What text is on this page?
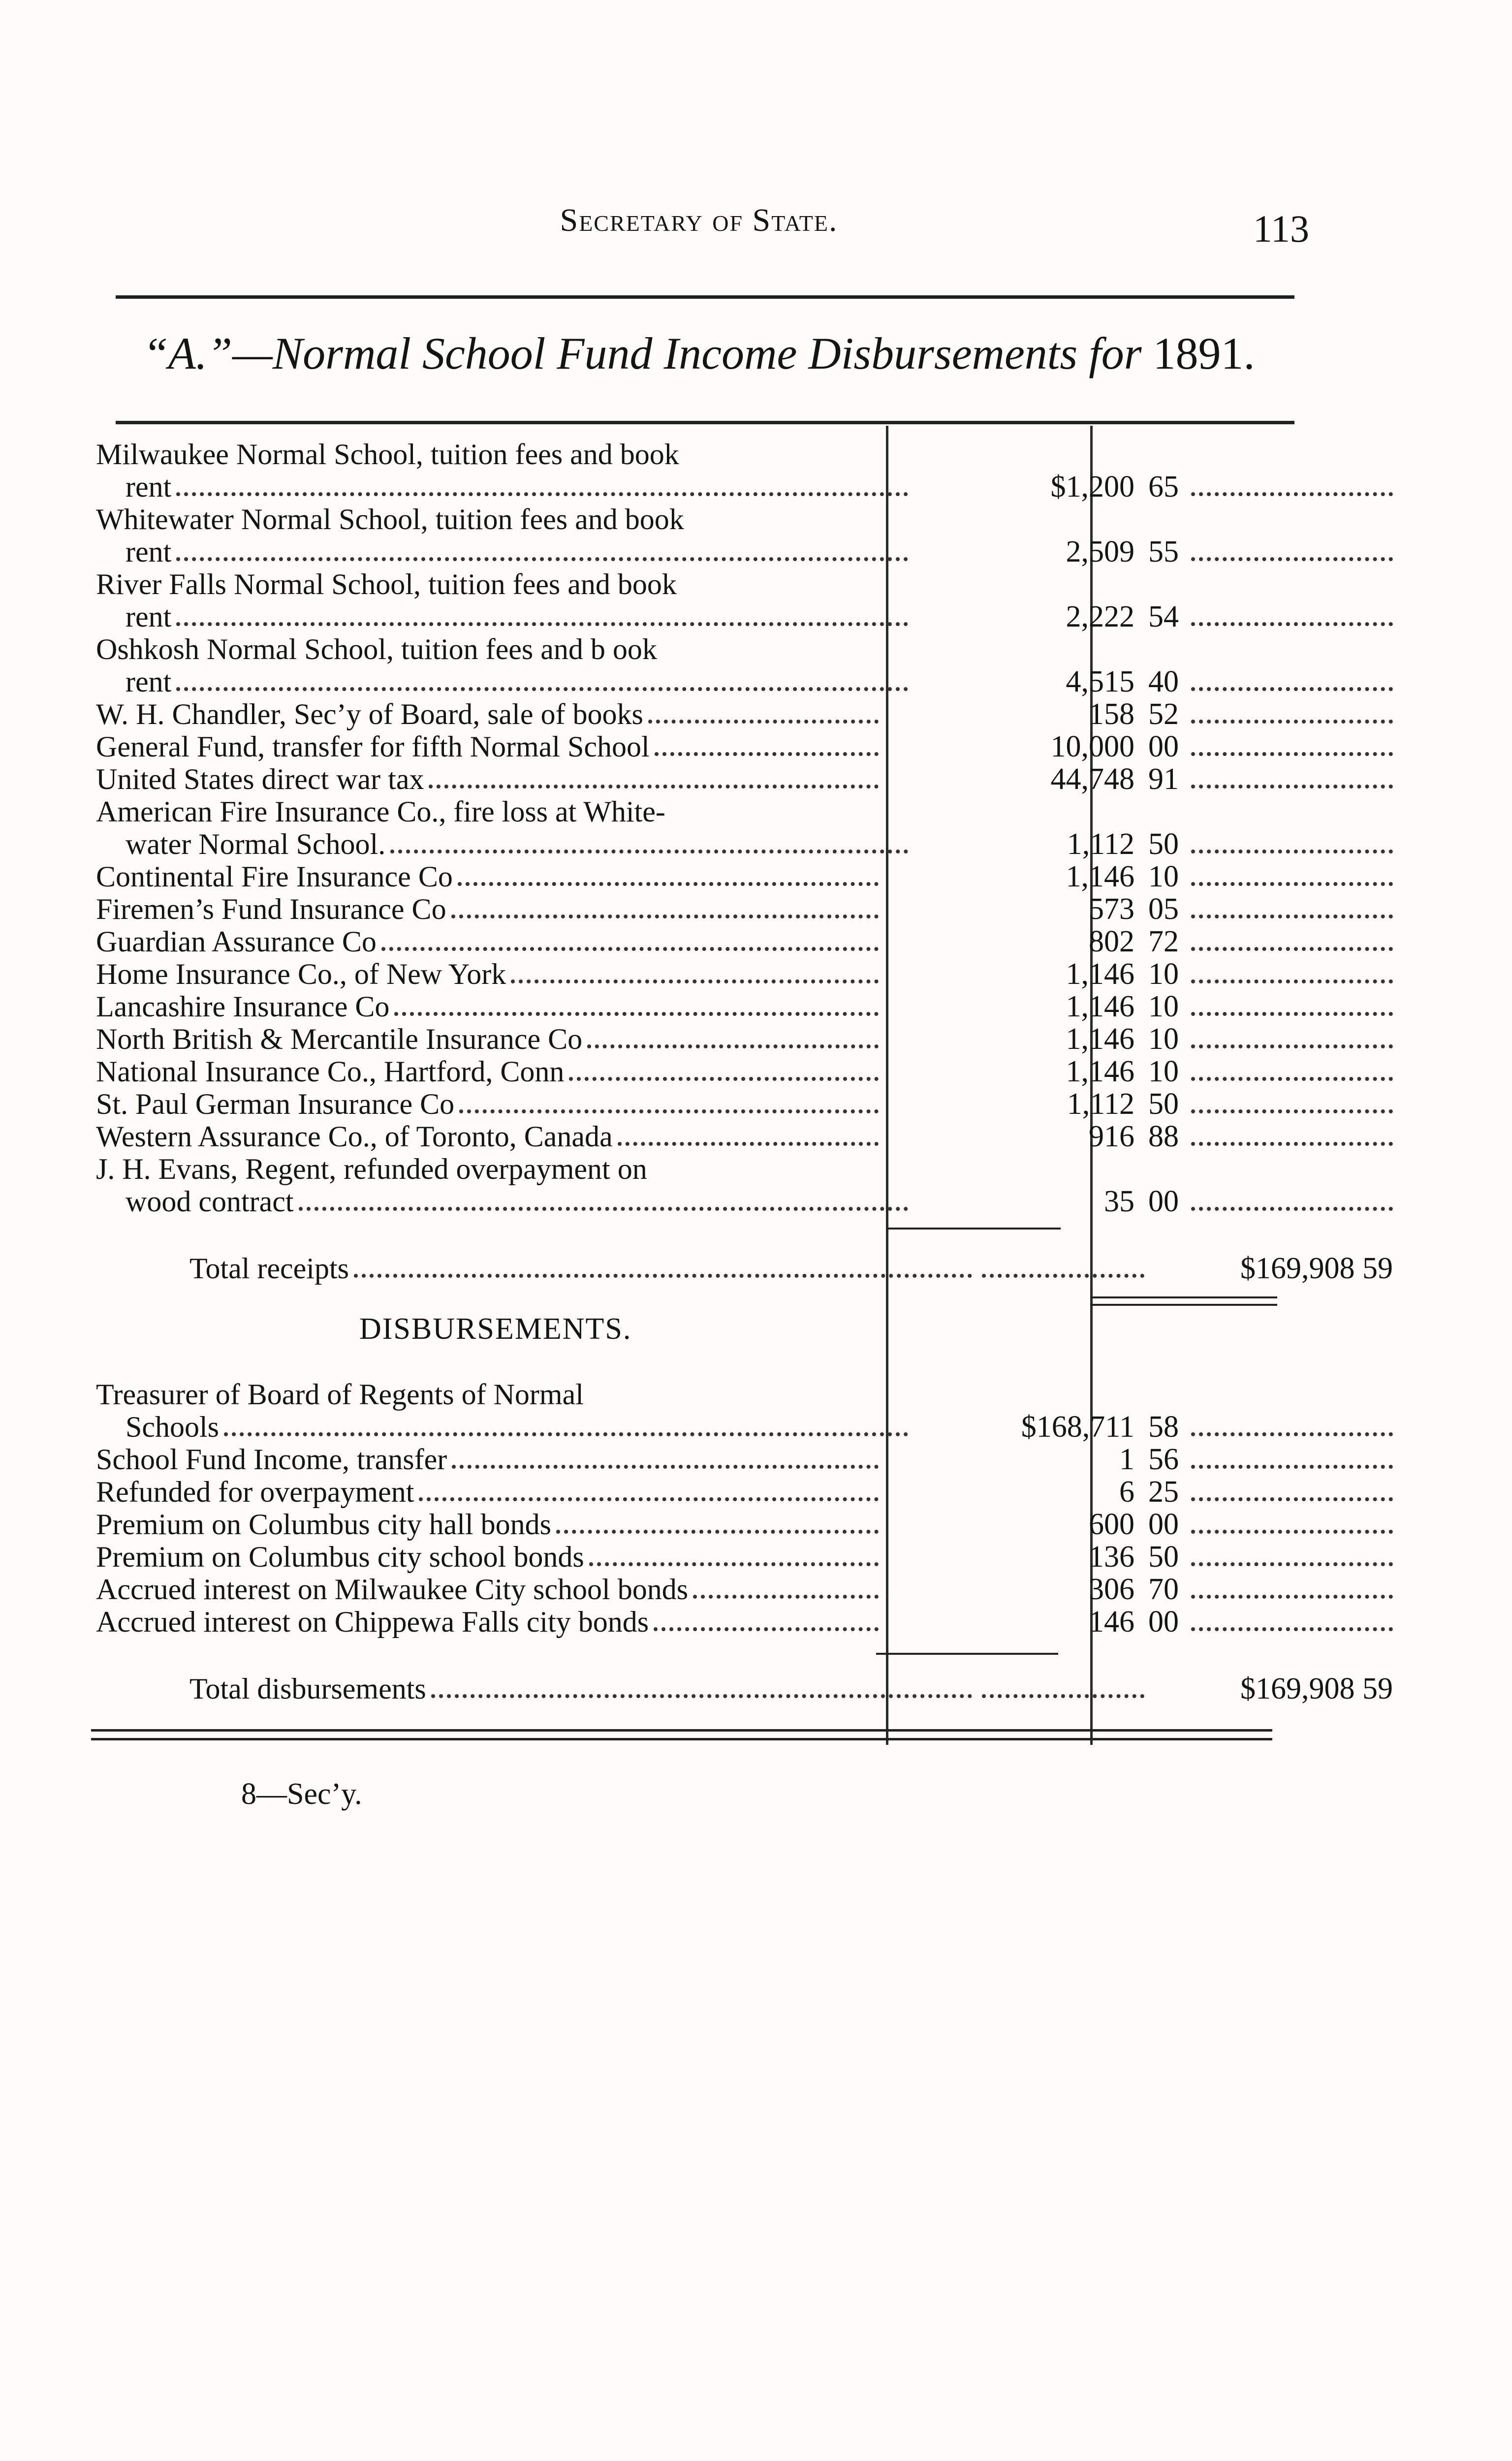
Secretary of State.	113
“A.”—Normal School Fund Income Disbursements for 1891.
Milwaukee Normal School, tuition fees and book
rent	$1,200 65
Whitewater Normal School, tuition fees and book
rent	2,509 55
River Falls Normal School, tuition fees and book
rent	2,222 54
Oshkosh Normal School, tuition fees and b ook
rent	4,515 40
W. H. Chandler, Sec’y of Board, sale of books	158 52
General Fund, transfer for fifth Normal School	10,000 00
United States direct war tax	44,748 91
American Fire Insurance Co., fire loss at White-
water Normal School.	1,112 50
Continental Fire Insurance Co	1,146 10
Firemen’s Fund Insurance Co	573 05
Guardian Assurance Co	802 72
Home Insurance Co., of New York	1,146 10
Lancashire Insurance Co	1,146 10
North British & Mercantile Insurance Co	1,146 10
National Insurance Co., Hartford, Conn	1,146 10
St. Paul German Insurance Co	1,112 50
Western Assurance Co., of Toronto, Canada	916 88
J. H. Evans, Regent, refunded overpayment on
wood contract	35 00
Total receipts	$169,908 59
Treasurer of Board of Regents of Normal
Schools	$168,711 58
School Fund Income, transfer	1 56
Refunded for overpayment	6 25
Premium on Columbus city hall bonds	600 00
Premium on Columbus city school bonds	136 50
Accrued interest on Milwaukee City school bonds	306 70
Accrued interest on Chippewa Falls city bonds	146 00
Total disbursements	$169,908 59
DISBURSEMENTS.
8—Sec’y.
